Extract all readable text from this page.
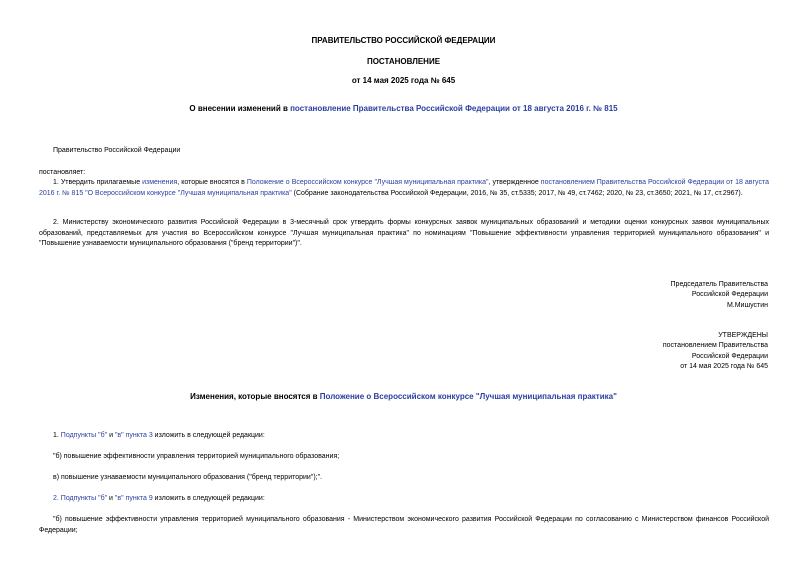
ПРАВИТЕЛЬСТВО РОССИЙСКОЙ ФЕДЕРАЦИИ
ПОСТАНОВЛЕНИЕ
от 14 мая 2025 года № 645
О внесении изменений в постановление Правительства Российской Федерации от 18 августа 2016 г. № 815
Правительство Российской Федерации
постановляет:
1. Утвердить прилагаемые изменения, которые вносятся в Положение о Всероссийском конкурсе "Лучшая муниципальная практика", утвержденное постановлением Правительства Российской Федерации от 18 августа 2016 г. № 815 "О Всероссийском конкурсе "Лучшая муниципальная практика" (Собрание законодательства Российской Федерации, 2016, № 35, ст.5335; 2017, № 49, ст.7462; 2020, № 23, ст.3650; 2021, № 17, ст.2967).
2. Министерству экономического развития Российской Федерации в 3-месячный срок утвердить формы конкурсных заявок муниципальных образований и методики оценки конкурсных заявок муниципальных образований, представляемых для участия во Всероссийском конкурсе "Лучшая муниципальная практика" по номинациям "Повышение эффективности управления территорией муниципального образования" и "Повышение узнаваемости муниципального образования ("бренд территории")".
Председатель Правительства
Российской Федерации
М.Мишустин
УТВЕРЖДЕНЫ
постановлением Правительства
Российской Федерации
от 14 мая 2025 года № 645
Изменения, которые вносятся в Положение о Всероссийском конкурсе "Лучшая муниципальная практика"
1. Подпункты "б" и "в" пункта 3 изложить в следующей редакции:
"б) повышение эффективности управления территорией муниципального образования;
в) повышение узнаваемости муниципального образования ("бренд территории");".
2. Подпункты "б" и "в" пункта 9 изложить в следующей редакции:
"б) повышение эффективности управления территорией муниципального образования - Министерством экономического развития Российской Федерации по согласованию с Министерством финансов Российской Федерации;
